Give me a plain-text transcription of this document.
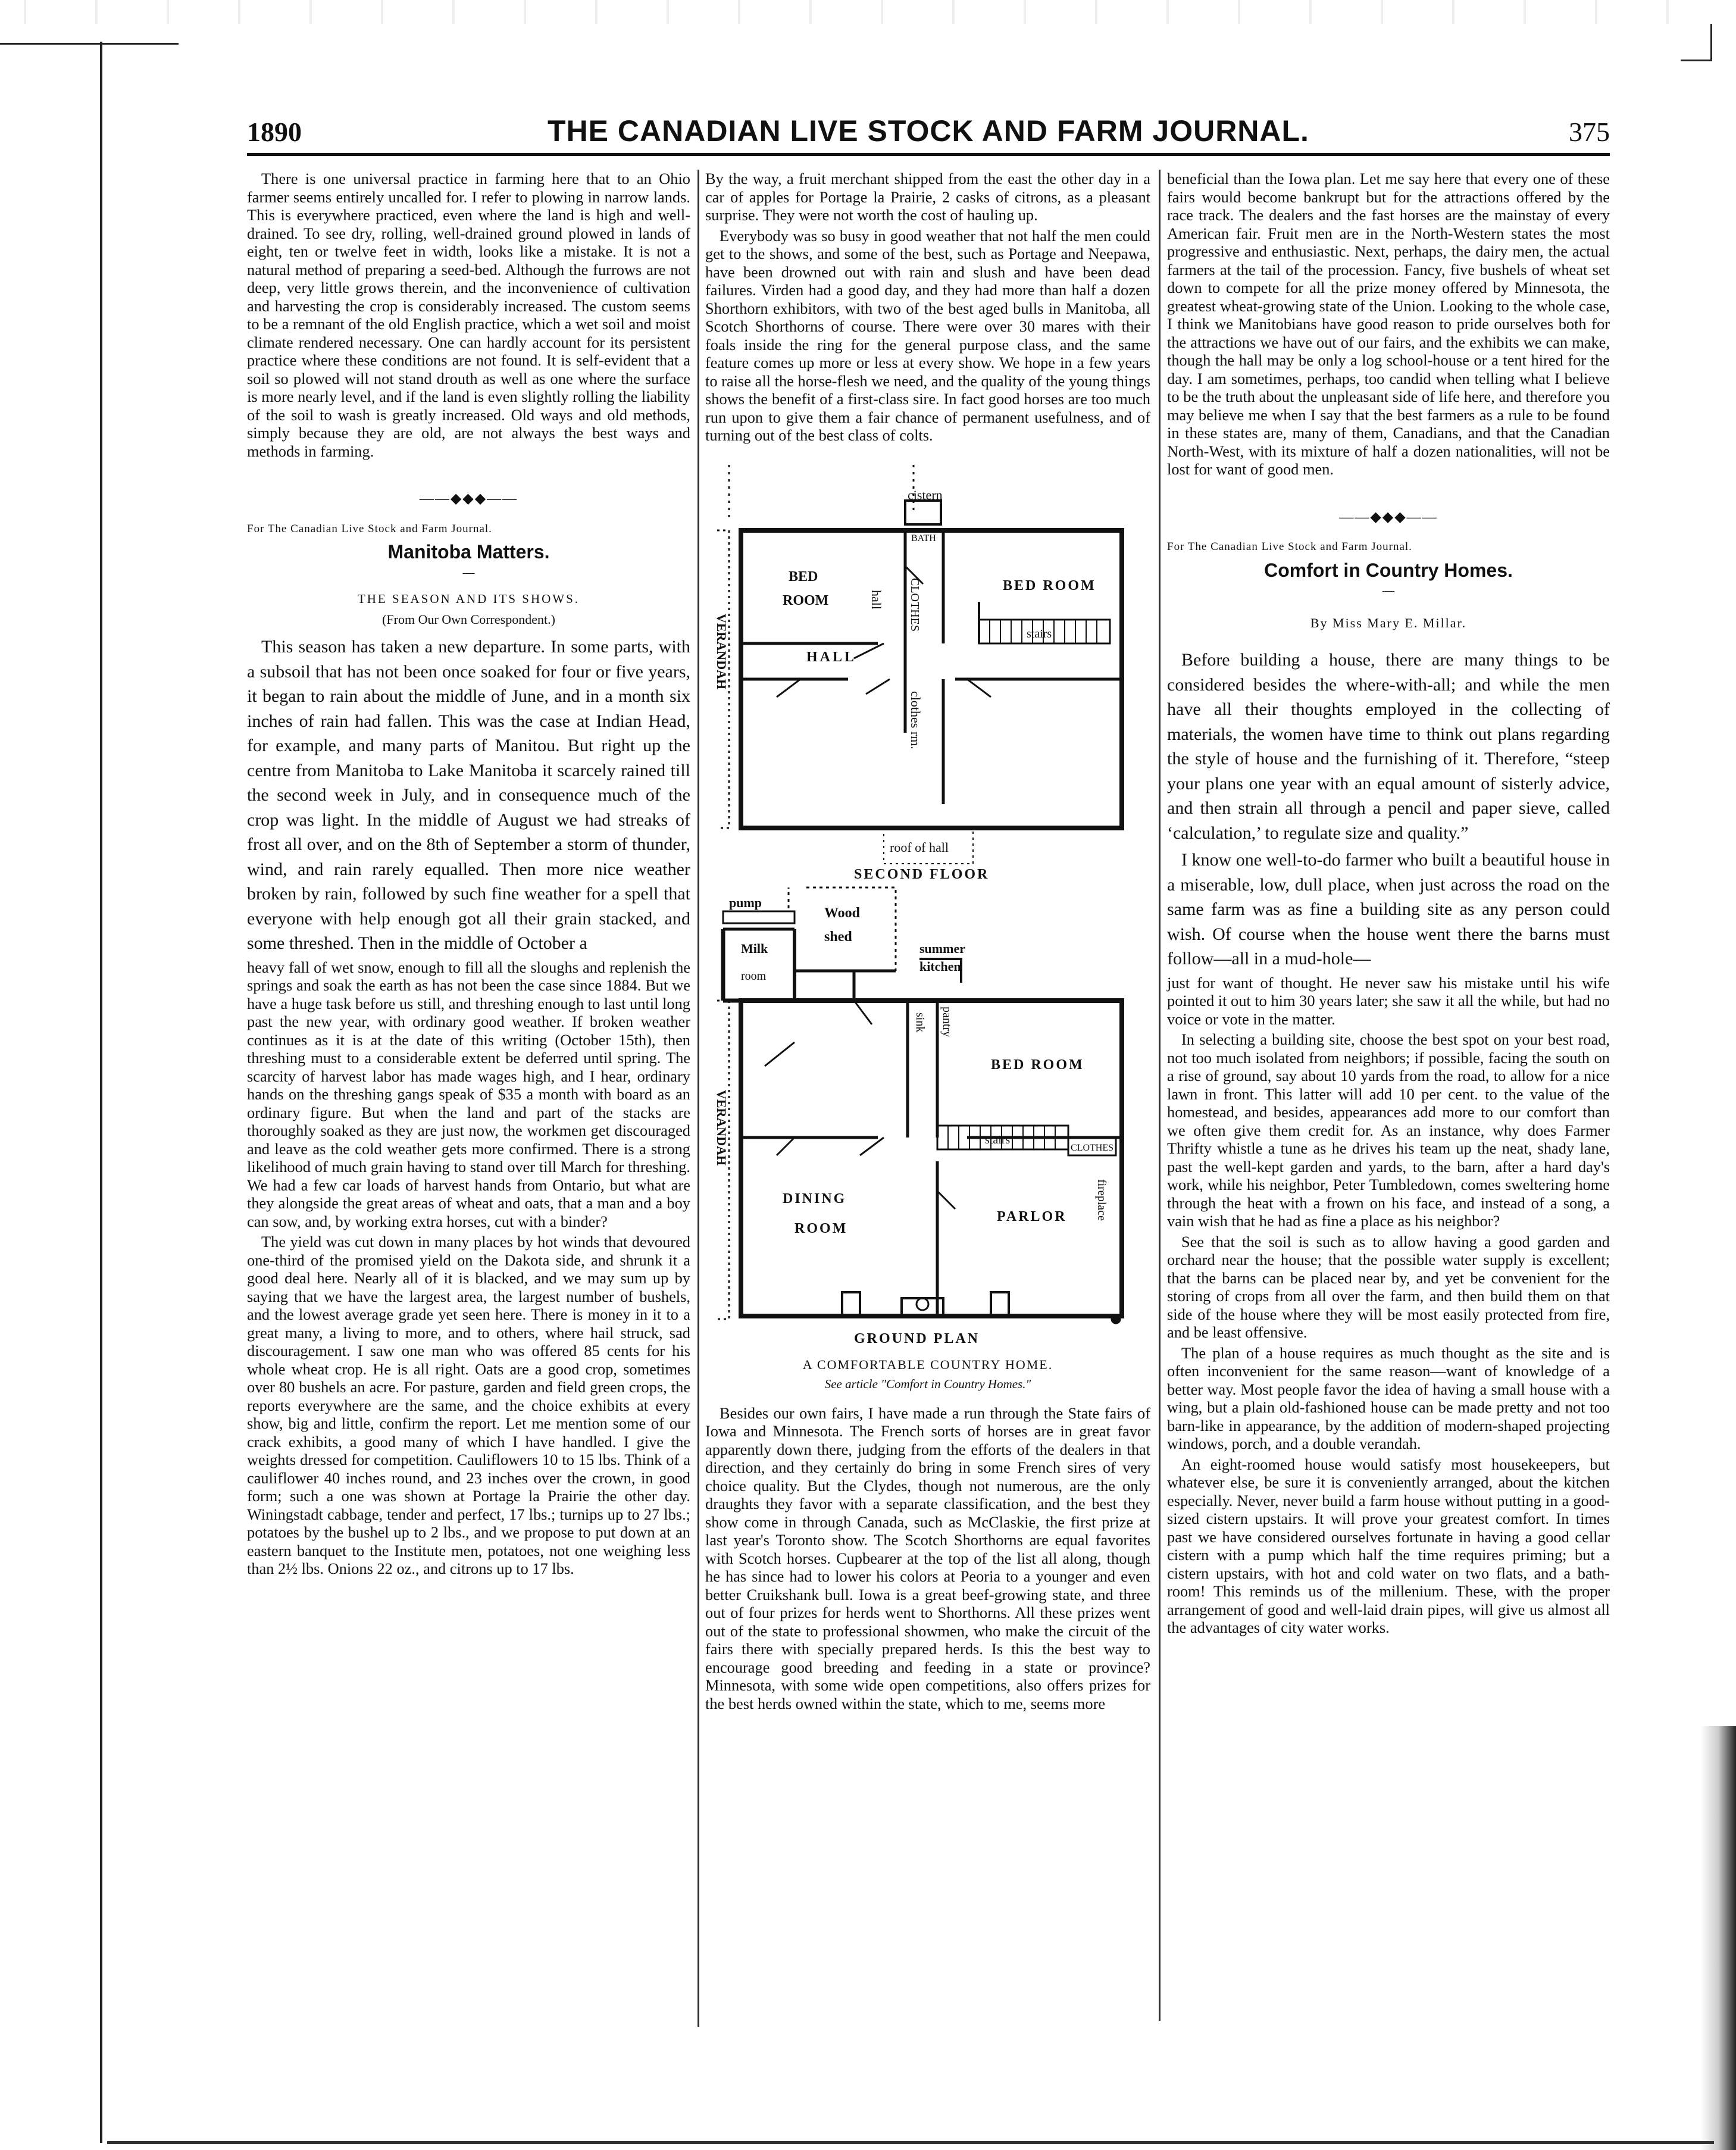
1890	THE CANADIAN LIVE STOCK AND FARM JOURNAL.	375

There is one universal practice in farming here that to an Ohio farmer seems entirely uncalled for. I refer to plowing in narrow lands. This is everywhere practiced, even where the land is high and well-drained. To see dry, rolling, well-drained ground plowed in lands of eight, ten or twelve feet in width, looks like a mistake. It is not a natural method of preparing a seed-bed. Although the furrows are not deep, very little grows therein, and the inconvenience of cultivation and harvesting the crop is considerably increased. The custom seems to be a remnant of the old English practice, which a wet soil and moist climate rendered necessary. One can hardly account for its persistent practice where these conditions are not found. It is self-evident that a soil so plowed will not stand drouth as well as one where the surface is more nearly level, and if the land is even slightly rolling the liability of the soil to wash is greatly increased. Old ways and old methods, simply because they are old, are not always the best ways and methods in farming.

——◆◆◆——

For The Canadian Live Stock and Farm Journal.

Manitoba Matters.
—
THE SEASON AND ITS SHOWS.
(From Our Own Correspondent.)

This season has taken a new departure. In some parts, with a subsoil that has not been once soaked for four or five years, it began to rain about the middle of June, and in a month six inches of rain had fallen. This was the case at Indian Head, for example, and many parts of Manitou. But right up the centre from Manitoba to Lake Manitoba it scarcely rained till the second week in July, and in consequence much of the crop was light. In the middle of August we had streaks of frost all over, and on the 8th of September a storm of thunder, wind, and rain rarely equalled. Then more nice weather broken by rain, followed by such fine weather for a spell that everyone with help enough got all their grain stacked, and some threshed. Then in the middle of October a

heavy fall of wet snow, enough to fill all the sloughs and replenish the springs and soak the earth as has not been the case since 1884. But we have a huge task before us still, and threshing enough to last until long past the new year, with ordinary good weather. If broken weather continues as it is at the date of this writing (October 15th), then threshing must to a considerable extent be deferred until spring. The scarcity of harvest labor has made wages high, and I hear, ordinary hands on the threshing gangs speak of $35 a month with board as an ordinary figure. But when the land and part of the stacks are thoroughly soaked as they are just now, the workmen get discouraged and leave as the cold weather gets more confirmed. There is a strong likelihood of much grain having to stand over till March for threshing. We had a few car loads of harvest hands from Ontario, but what are they alongside the great areas of wheat and oats, that a man and a boy can sow, and, by working extra horses, cut with a binder?

The yield was cut down in many places by hot winds that devoured one-third of the promised yield on the Dakota side, and shrunk it a good deal here. Nearly all of it is blacked, and we may sum up by saying that we have the largest area, the largest number of bushels, and the lowest average grade yet seen here. There is money in it to a great many, a living to more, and to others, where hail struck, sad discouragement. I saw one man who was offered 85 cents for his whole wheat crop. He is all right. Oats are a good crop, sometimes over 80 bushels an acre. For pasture, garden and field green crops, the reports everywhere are the same, and the choice exhibits at every show, big and little, confirm the report. Let me mention some of our crack exhibits, a good many of which I have handled. I give the weights dressed for competition. Cauliflowers 10 to 15 lbs. Think of a cauliflower 40 inches round, and 23 inches over the crown, in good form; such a one was shown at Portage la Prairie the other day. Winingstadt cabbage, tender and perfect, 17 lbs.; turnips up to 27 lbs.; potatoes by the bushel up to 2 lbs., and we propose to put down at an eastern banquet to the Institute men, potatoes, not one weighing less than 2½ lbs. Onions 22 oz., and citrons up to 17 lbs.

By the way, a fruit merchant shipped from the east the other day in a car of apples for Portage la Prairie, 2 casks of citrons, as a pleasant surprise. They were not worth the cost of hauling up.

Everybody was so busy in good weather that not half the men could get to the shows, and some of the best, such as Portage and Neepawa, have been drowned out with rain and slush and have been dead failures. Virden had a good day, and they had more than half a dozen Shorthorn exhibitors, with two of the best aged bulls in Manitoba, all Scotch Shorthorns of course. There were over 30 mares with their foals inside the ring for the general purpose class, and the same feature comes up more or less at every show. We hope in a few years to raise all the horse-flesh we need, and the quality of the young things shows the benefit of a first-class sire. In fact good horses are too much run upon to give them a fair chance of permanent usefulness, and of turning out of the best class of colts.

cistern
BATH
BED
ROOM	hall CLOTHES	BED ROOM
stairs
HALL
clothes rm.
VERANDAH
roof of hall
SECOND FLOOR
pump
Wood
shed
Milk
room
summer
kitchen
pantry
sink
BED ROOM
stairs
CLOTHES
VERANDAH
DINING
ROOM
PARLOR fireplace
GROUND PLAN
A COMFORTABLE COUNTRY HOME.
See article "Comfort in Country Homes."

Besides our own fairs, I have made a run through the State fairs of Iowa and Minnesota. The French sorts of horses are in great favor apparently down there, judging from the efforts of the dealers in that direction, and they certainly do bring in some French sires of very choice quality. But the Clydes, though not numerous, are the only draughts they favor with a separate classification, and the best they show come in through Canada, such as McClaskie, the first prize at last year's Toronto show. The Scotch Shorthorns are equal favorites with Scotch horses. Cupbearer at the top of the list all along, though he has since had to lower his colors at Peoria to a younger and even better Cruikshank bull. Iowa is a great beef-growing state, and three out of four prizes for herds went to Shorthorns. All these prizes went out of the state to professional showmen, who make the circuit of the fairs there with specially prepared herds. Is this the best way to encourage good breeding and feeding in a state or province? Minnesota, with some wide open competitions, also offers prizes for the best herds owned within the state, which to me, seems more

beneficial than the Iowa plan. Let me say here that every one of these fairs would become bankrupt but for the attractions offered by the race track. The dealers and the fast horses are the mainstay of every American fair. Fruit men are in the North-Western states the most progressive and enthusiastic. Next, perhaps, the dairy men, the actual farmers at the tail of the procession. Fancy, five bushels of wheat set down to compete for all the prize money offered by Minnesota, the greatest wheat-growing state of the Union. Looking to the whole case, I think we Manitobians have good reason to pride ourselves both for the attractions we have out of our fairs, and the exhibits we can make, though the hall may be only a log school-house or a tent hired for the day. I am sometimes, perhaps, too candid when telling what I believe to be the truth about the unpleasant side of life here, and therefore you may believe me when I say that the best farmers as a rule to be found in these states are, many of them, Canadians, and that the Canadian North-West, with its mixture of half a dozen nationalities, will not be lost for want of good men.

——◆◆◆——

For The Canadian Live Stock and Farm Journal.

Comfort in Country Homes.
—
By Miss Mary E. Millar.

Before building a house, there are many things to be considered besides the where-with-all; and while the men have all their thoughts employed in the collecting of materials, the women have time to think out plans regarding the style of house and the furnishing of it. Therefore, “steep your plans one year with an equal amount of sisterly advice, and then strain all through a pencil and paper sieve, called ‘calculation,’ to regulate size and quality.”

I know one well-to-do farmer who built a beautiful house in a miserable, low, dull place, when just across the road on the same farm was as fine a building site as any person could wish. Of course when the house went there the barns must follow—all in a mud-hole—

just for want of thought. He never saw his mistake until his wife pointed it out to him 30 years later; she saw it all the while, but had no voice or vote in the matter.

In selecting a building site, choose the best spot on your best road, not too much isolated from neighbors; if possible, facing the south on a rise of ground, say about 10 yards from the road, to allow for a nice lawn in front. This latter will add 10 per cent. to the value of the homestead, and besides, appearances add more to our comfort than we often give them credit for. As an instance, why does Farmer Thrifty whistle a tune as he drives his team up the neat, shady lane, past the well-kept garden and yards, to the barn, after a hard day's work, while his neighbor, Peter Tumbledown, comes sweltering home through the heat with a frown on his face, and instead of a song, a vain wish that he had as fine a place as his neighbor?

See that the soil is such as to allow having a good garden and orchard near the house; that the possible water supply is excellent; that the barns can be placed near by, and yet be convenient for the storing of crops from all over the farm, and then build them on that side of the house where they will be most easily protected from fire, and be least offensive.

The plan of a house requires as much thought as the site and is often inconvenient for the same reason—want of knowledge of a better way. Most people favor the idea of having a small house with a wing, but a plain old-fashioned house can be made pretty and not too barn-like in appearance, by the addition of modern-shaped projecting windows, porch, and a double verandah.

An eight-roomed house would satisfy most housekeepers, but whatever else, be sure it is conveniently arranged, about the kitchen especially. Never, never build a farm house without putting in a good-sized cistern upstairs. It will prove your greatest comfort. In times past we have considered ourselves fortunate in having a good cellar cistern with a pump which half the time requires priming; but a cistern upstairs, with hot and cold water on two flats, and a bath-room! This reminds us of the millenium. These, with the proper arrangement of good and well-laid drain pipes, will give us almost all the advantages of city water works.
